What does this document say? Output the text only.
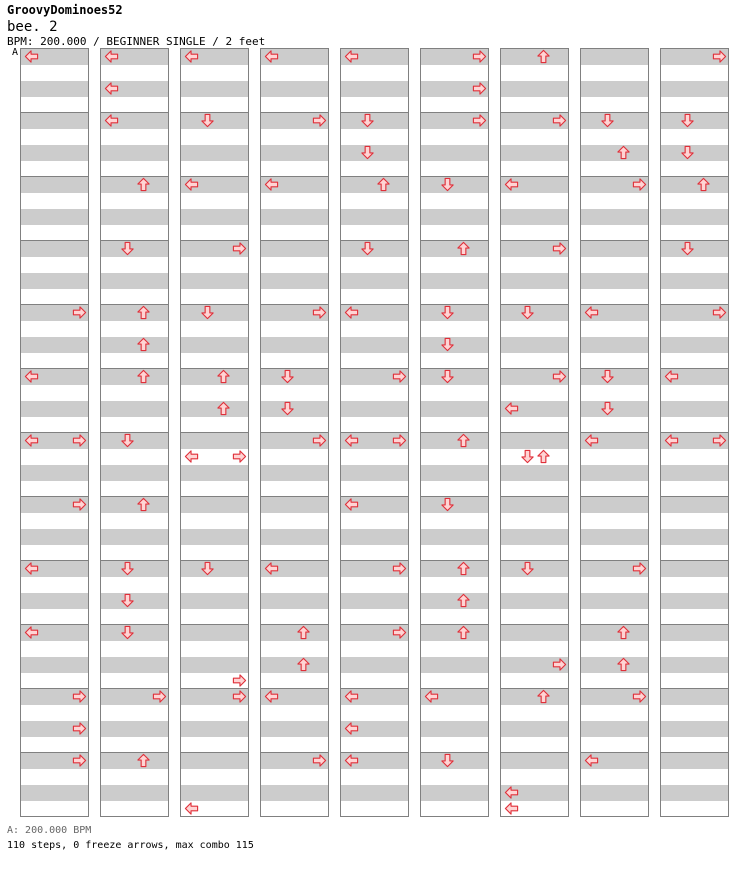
GroovyDominoes52
bee. 2
BPM: 200.000 / BEGINNER SINGLE / 2 feet
A
A: 200.000 BPM
110 steps, 0 freeze arrows, max combo 115
